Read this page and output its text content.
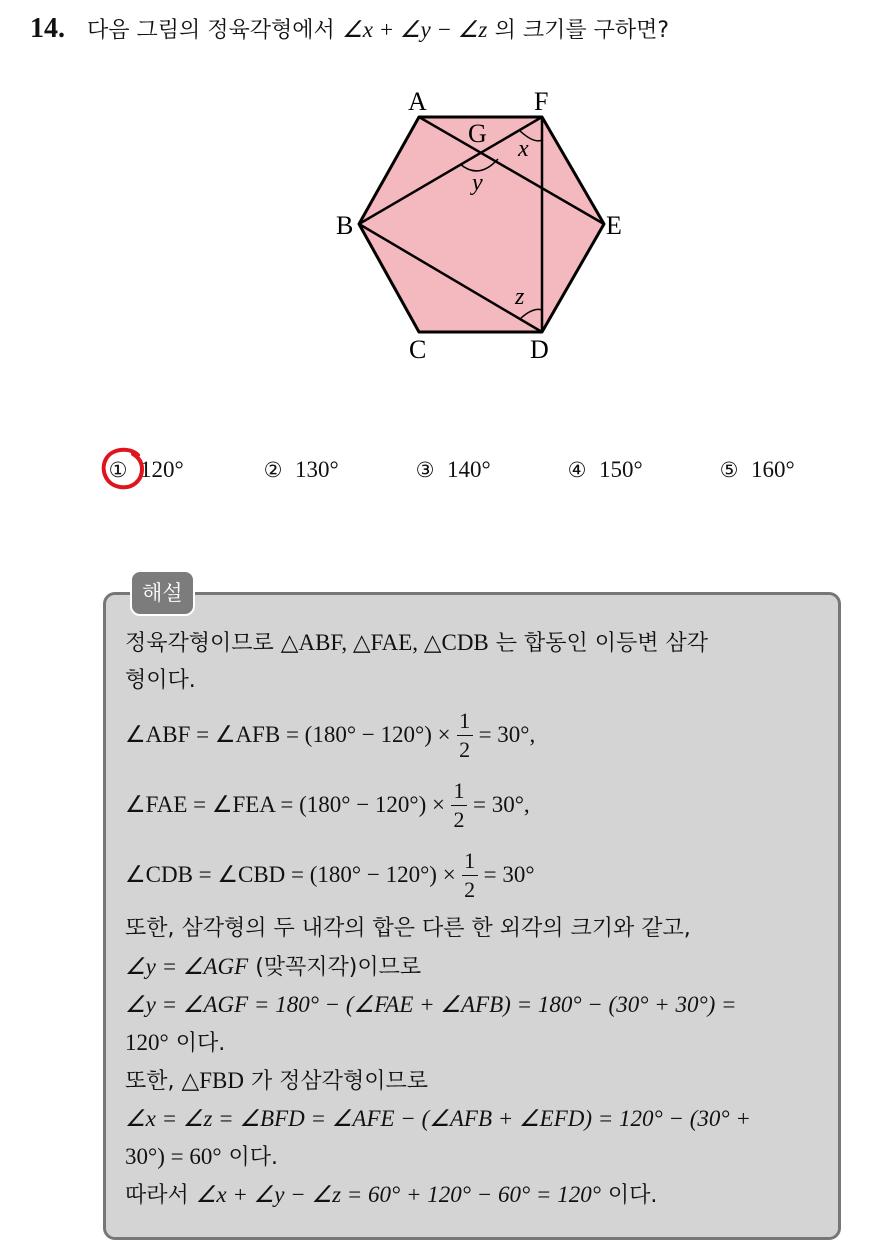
14. 다음 그림의 정육각형에서 ∠x + ∠y − ∠z 의 크기를 구하면?
A	F
G
B	E
C	D
x
y
z
① 120°	② 130°	③ 140°	④ 150°	⑤ 160°
해설
정육각형이므로 △ABF, △FAE, △CDB 는 합동인 이등변 삼각
형이다.
∠ABF = ∠AFB = $(180^\circ - 120^\circ) \times \frac{1}{2} = 30^\circ$,
∠FAE = ∠FEA = $(180^\circ - 120^\circ) \times \frac{1}{2} = 30^\circ$,
∠CDB = ∠CBD = $(180^\circ - 120^\circ) \times \frac{1}{2} = 30^\circ$
또한, 삼각형의 두 내각의 합은 다른 한 외각의 크기와 같고,
∠y = ∠AGF (맞꼭지각)이므로
∠y = ∠AGF = 180° − (∠FAE + ∠AFB) = 180° − (30° + 30°) =
120° 이다.
또한, △FBD 가 정삼각형이므로
∠x = ∠z = ∠BFD = ∠AFE − (∠AFB + ∠EFD) = 120° − (30° +
30°) = 60° 이다.
따라서 ∠x + ∠y − ∠z = 60° + 120° − 60° = 120° 이다.
